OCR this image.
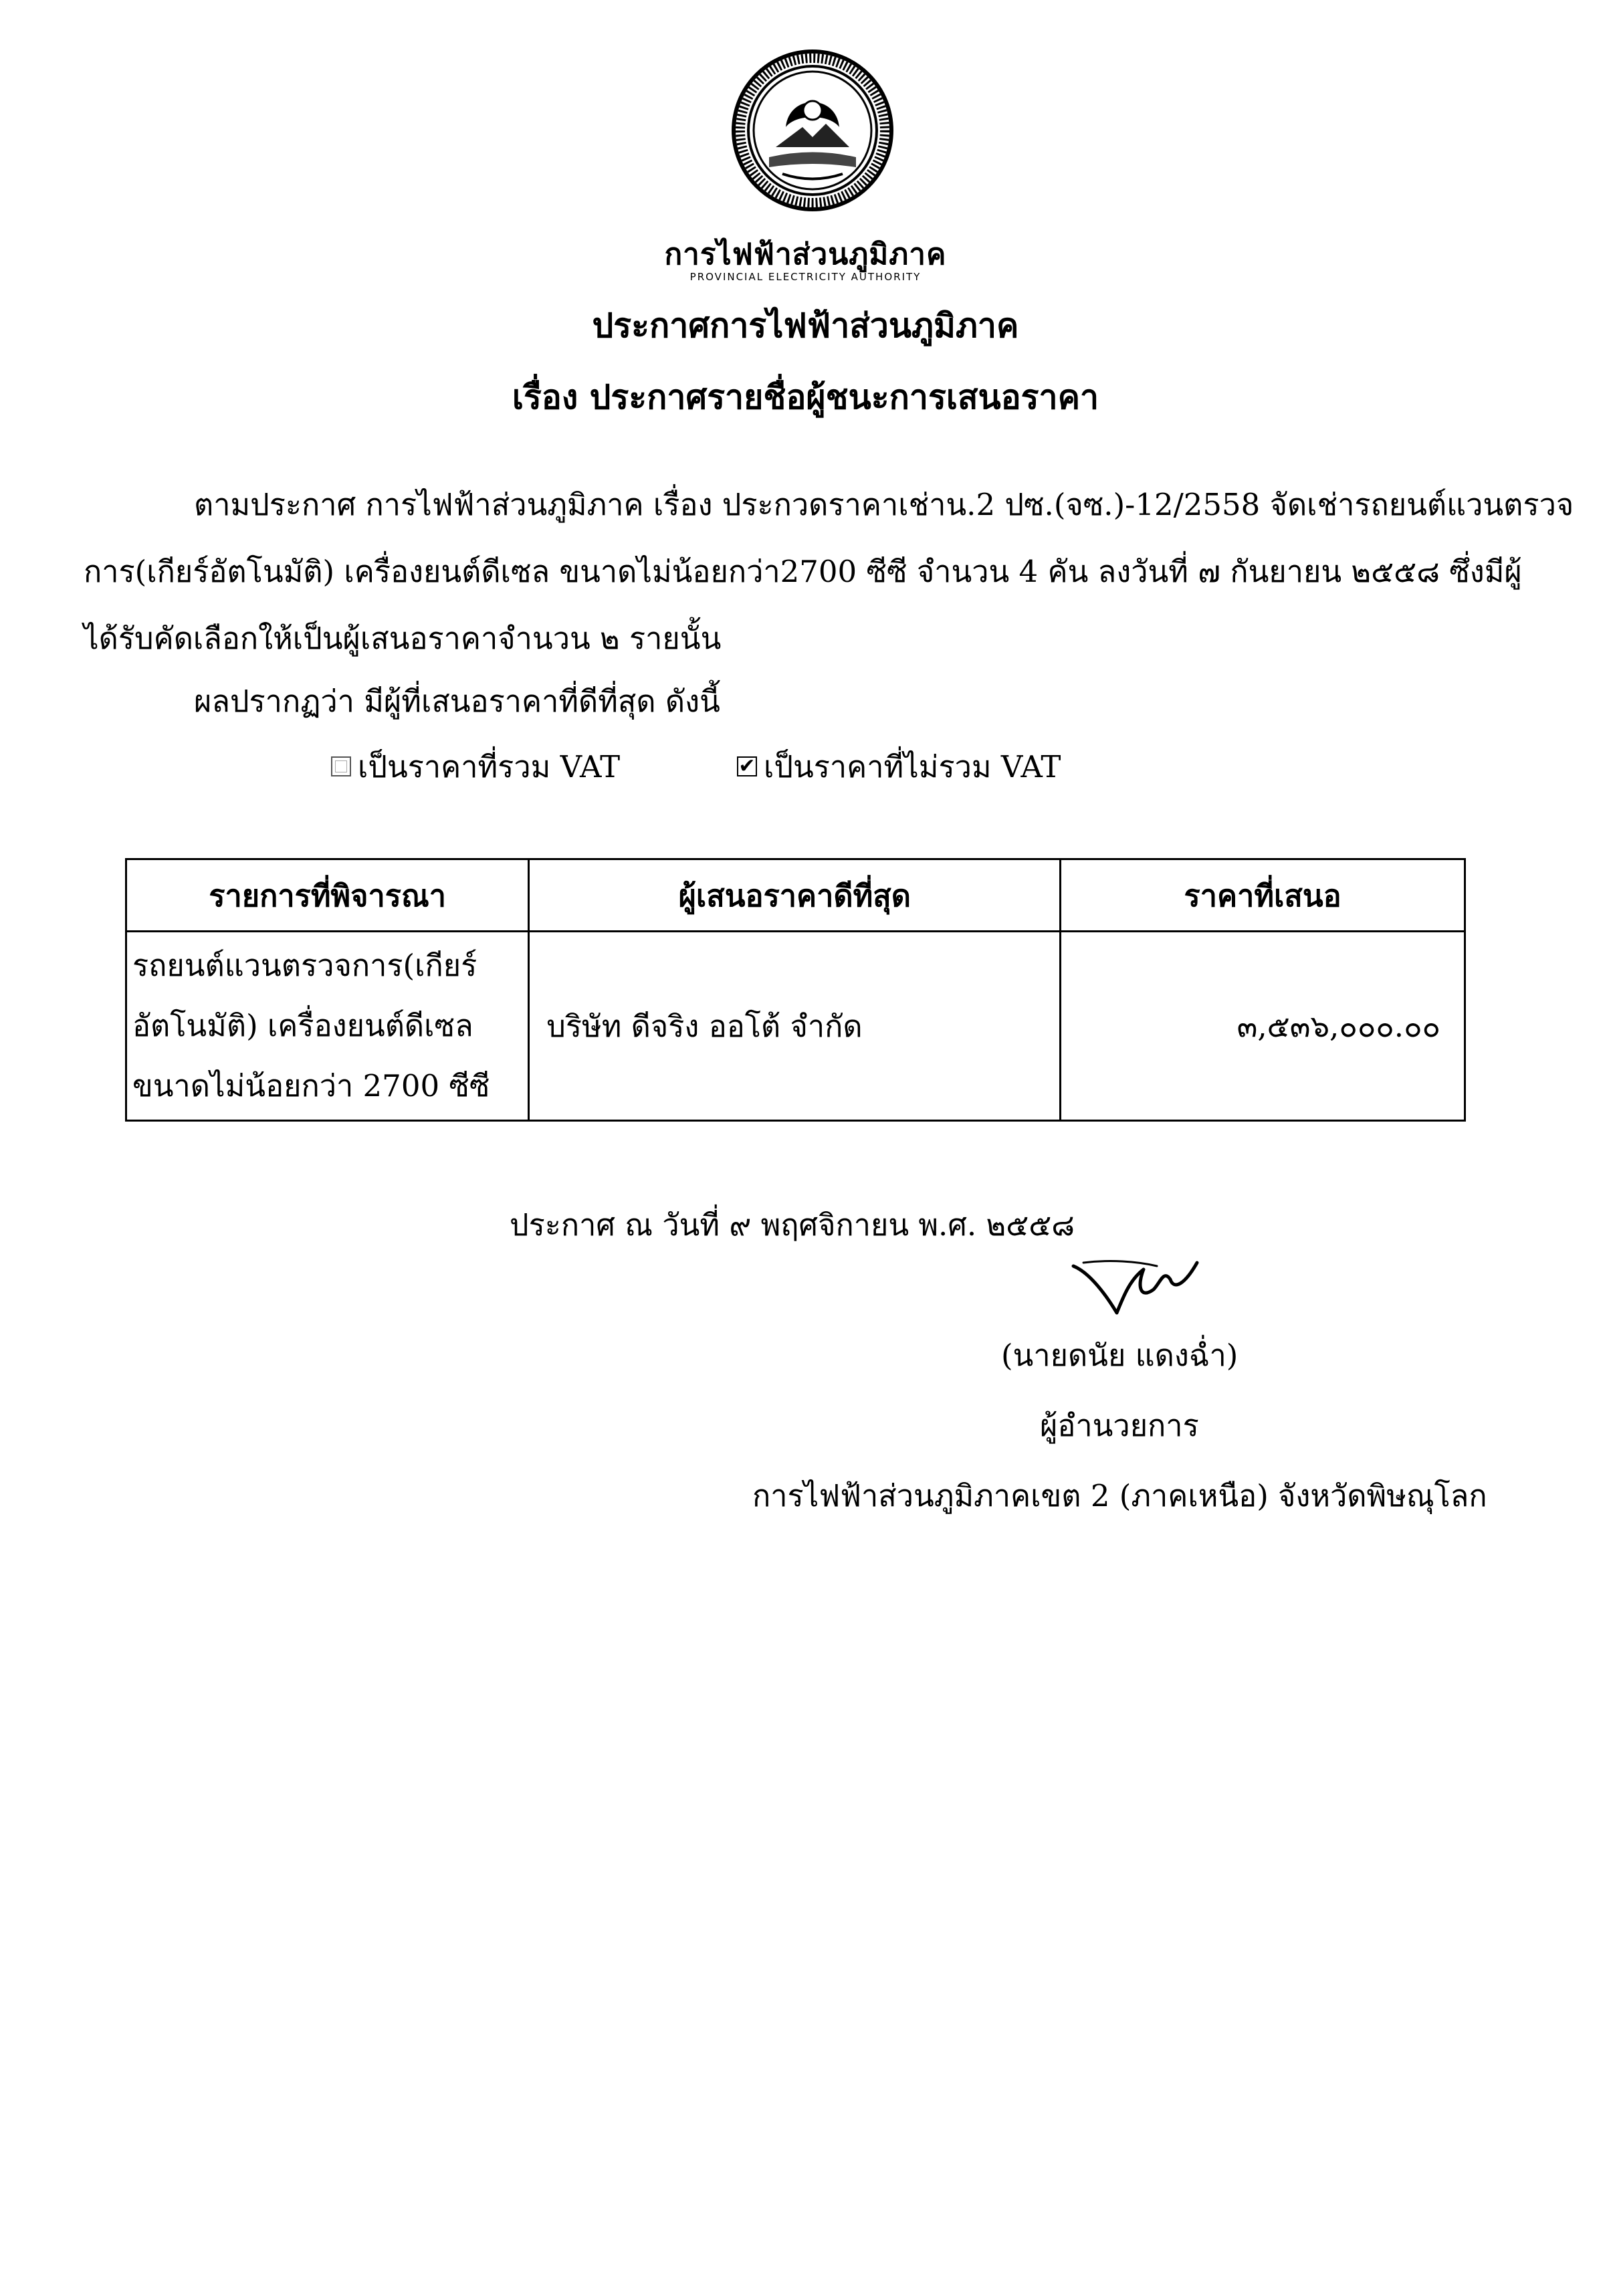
การไฟฟ้าส่วนภูมิภาค
PROVINCIAL ELECTRICITY AUTHORITY
ประกาศการไฟฟ้าส่วนภูมิภาค
เรื่อง ประกาศรายชื่อผู้ชนะการเสนอราคา
ตามประกาศ การไฟฟ้าส่วนภูมิภาค เรื่อง ประกวดราคาเช่าน.2 ปซ.(จซ.)-12/2558 จัดเช่ารถยนต์แวนตรวจ
การ(เกียร์อัตโนมัติ) เครื่องยนต์ดีเซล ขนาดไม่น้อยกว่า2700 ซีซี จำนวน 4 คัน ลงวันที่ ๗ กันยายน ๒๕๕๘ ซึ่งมีผู้
ได้รับคัดเลือกให้เป็นผู้เสนอราคาจำนวน ๒ รายนั้น
ผลปรากฏว่า มีผู้ที่เสนอราคาที่ดีที่สุด ดังนี้
เป็นราคาที่รวม VAT	✔ เป็นราคาที่ไม่รวม VAT
รายการที่พิจารณา	ผู้เสนอราคาดีที่สุด	ราคาที่เสนอ

รถยนต์แวนตรวจการ(เกียร์
อัตโนมัติ) เครื่องยนต์ดีเซล
ขนาดไม่น้อยกว่า 2700 ซีซี	บริษัท ดีจริง ออโต้ จำกัด	๓,๕๓๖,๐๐๐.๐๐
ประกาศ ณ วันที่ ๙ พฤศจิกายน พ.ศ. ๒๕๕๘
(นายดนัย แดงฉ่ำ)
ผู้อำนวยการ
การไฟฟ้าส่วนภูมิภาคเขต 2 (ภาคเหนือ) จังหวัดพิษณุโลก
